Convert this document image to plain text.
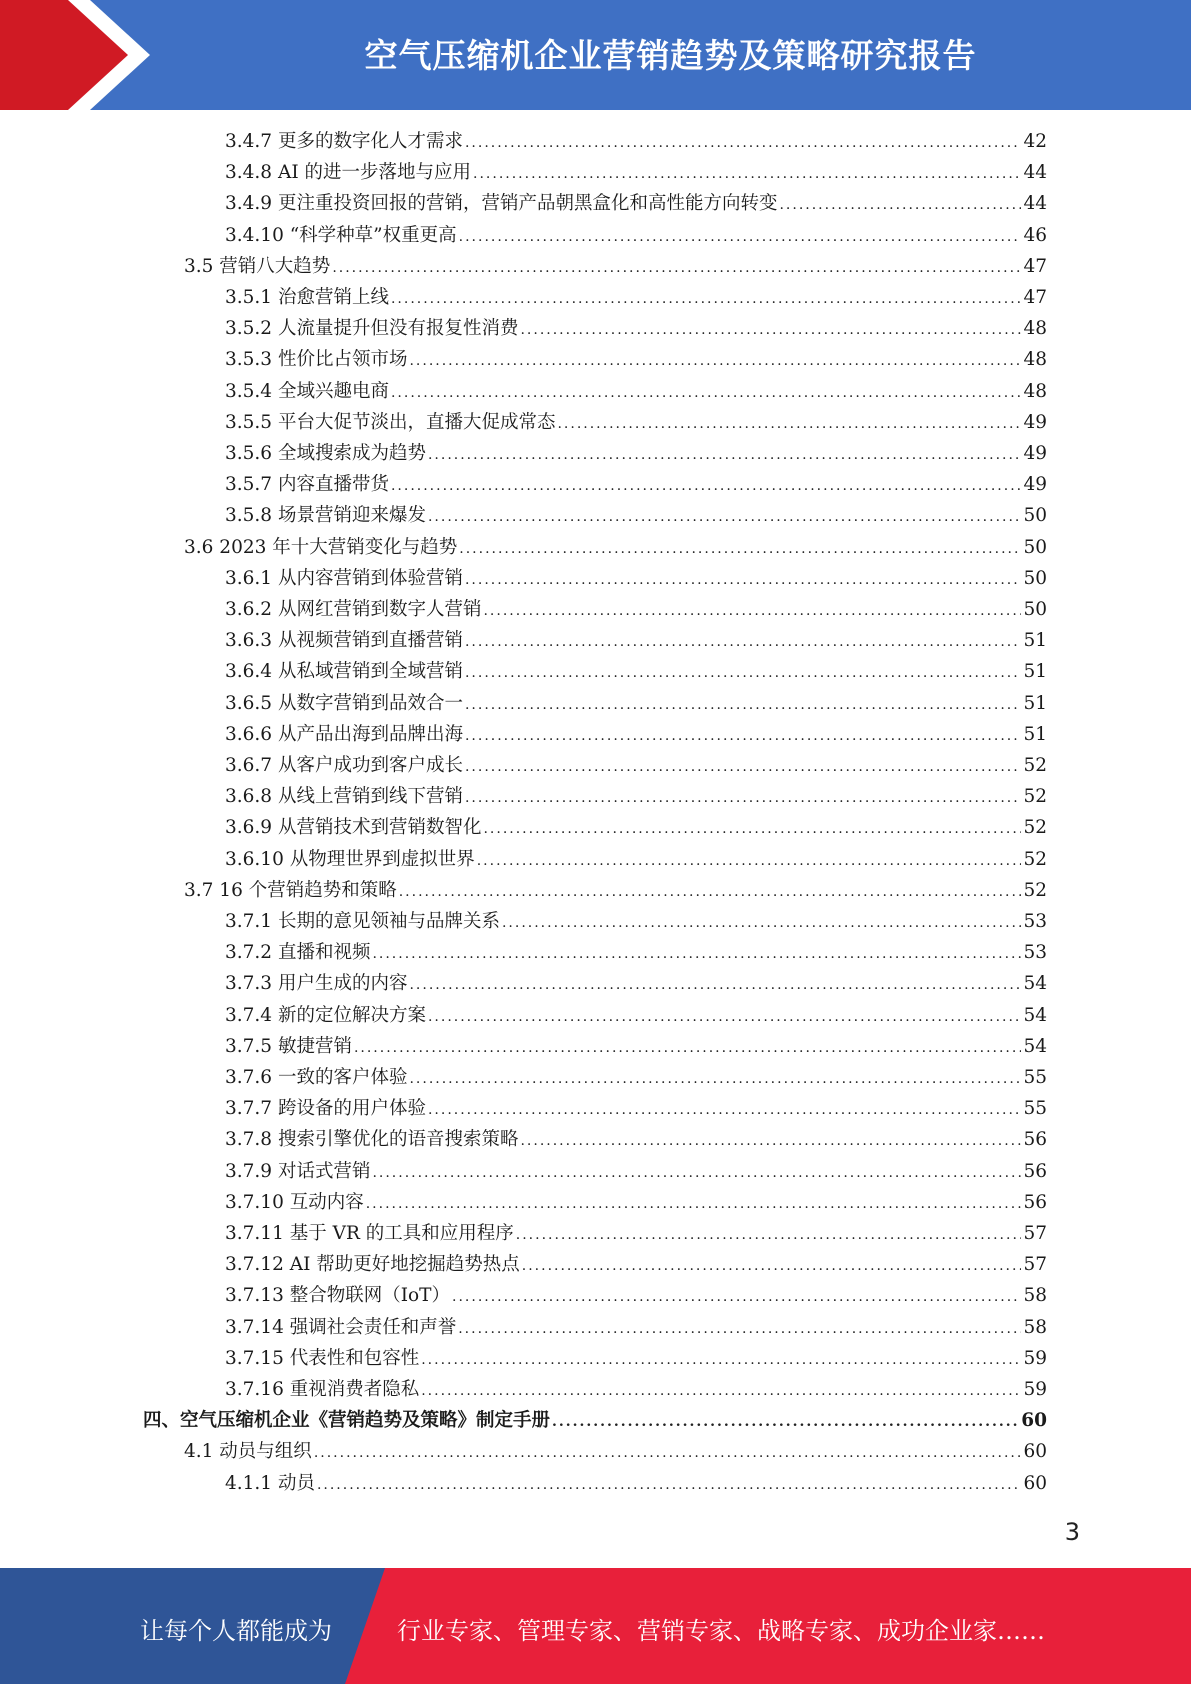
空气压缩机企业营销趋势及策略研究报告
3.4.7 更多的数字化人才需求 .....	42
3.4.8 AI 的进一步落地与应用 .....	44
3.4.9 更注重投资回报的营销，营销产品朝黑盒化和高性能方向转变 .....	44
3.4.10 “科学种草”权重更高 .....	46
3.5 营销八大趋势 .....	47
3.5.1 治愈营销上线 .....	47
3.5.2 人流量提升但没有报复性消费 .....	48
3.5.3 性价比占领市场 .....	48
3.5.4 全域兴趣电商 .....	48
3.5.5 平台大促节淡出，直播大促成常态 .....	49
3.5.6 全域搜索成为趋势 .....	49
3.5.7 内容直播带货 .....	49
3.5.8 场景营销迎来爆发 .....	50
3.6 2023 年十大营销变化与趋势 .....	50
3.6.1 从内容营销到体验营销 .....	50
3.6.2 从网红营销到数字人营销 .....	50
3.6.3 从视频营销到直播营销 .....	51
3.6.4 从私域营销到全域营销 .....	51
3.6.5 从数字营销到品效合一 .....	51
3.6.6 从产品出海到品牌出海 .....	51
3.6.7 从客户成功到客户成长 .....	52
3.6.8 从线上营销到线下营销 .....	52
3.6.9 从营销技术到营销数智化 .....	52
3.6.10 从物理世界到虚拟世界 .....	52
3.7 16 个营销趋势和策略 .....	52
3.7.1 长期的意见领袖与品牌关系 .....	53
3.7.2 直播和视频 .....	53
3.7.3 用户生成的内容 .....	54
3.7.4 新的定位解决方案 .....	54
3.7.5 敏捷营销 .....	54
3.7.6 一致的客户体验 .....	55
3.7.7 跨设备的用户体验 .....	55
3.7.8 搜索引擎优化的语音搜索策略 .....	56
3.7.9 对话式营销 .....	56
3.7.10 互动内容 .....	56
3.7.11 基于 VR 的工具和应用程序 .....	57
3.7.12 AI 帮助更好地挖掘趋势热点 .....	57
3.7.13 整合物联网（IoT） .....	58
3.7.14 强调社会责任和声誉 .....	58
3.7.15 代表性和包容性 .....	59
3.7.16 重视消费者隐私 .....	59
四、空气压缩机企业《营销趋势及策略》制定手册 .....	60
4.1 动员与组织 .....	60
4.1.1 动员 .....	60
3
让每个人都能成为	行业专家、管理专家、营销专家、战略专家、成功企业家……
